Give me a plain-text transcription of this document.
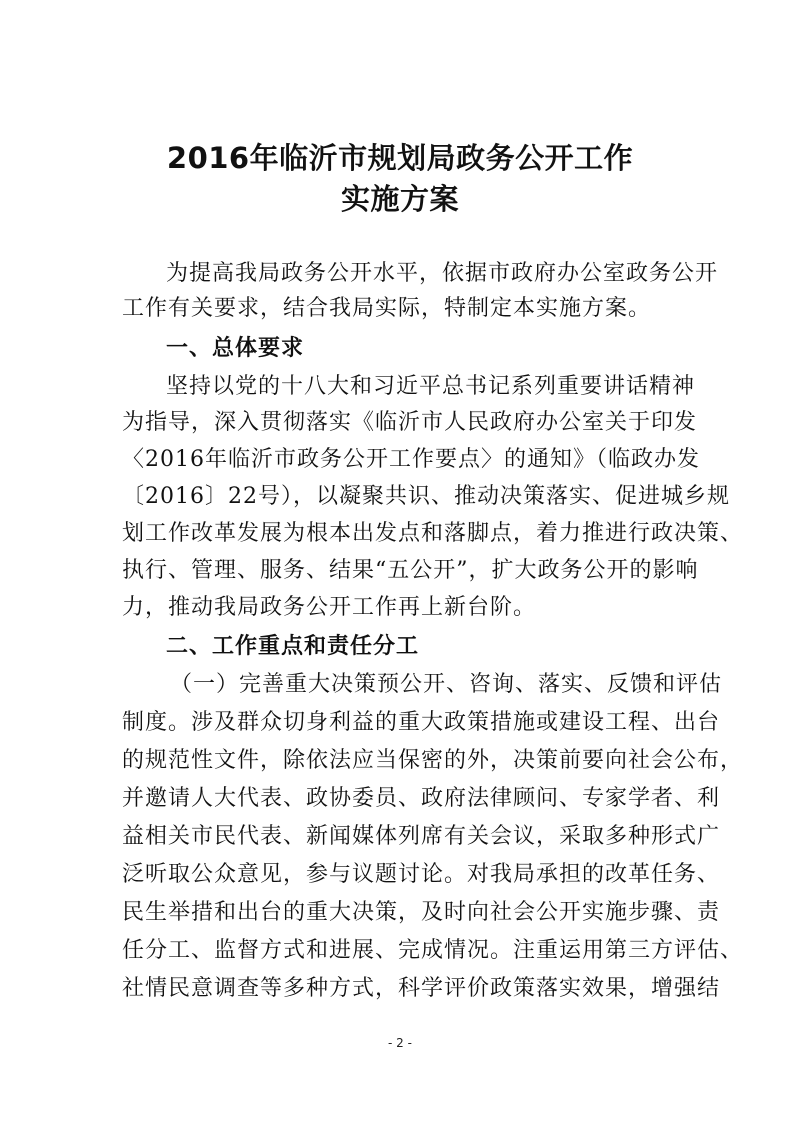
2016年临沂市规划局政务公开工作
实施方案
为提高我局政务公开水平，依据市政府办公室政务公开
工作有关要求，结合我局实际，特制定本实施方案。
一、总体要求
坚持以党的十八大和习近平总书记系列重要讲话精神
为指导，深入贯彻落实《临沂市人民政府办公室关于印发
〈2016年临沂市政务公开工作要点〉的通知》（临政办发
〔2016〕22号），以凝聚共识、推动决策落实、促进城乡规
划工作改革发展为根本出发点和落脚点，着力推进行政决策、
执行、管理、服务、结果“五公开”，扩大政务公开的影响
力，推动我局政务公开工作再上新台阶。
二、工作重点和责任分工
（一）完善重大决策预公开、咨询、落实、反馈和评估
制度。涉及群众切身利益的重大政策措施或建设工程、出台
的规范性文件，除依法应当保密的外，决策前要向社会公布，
并邀请人大代表、政协委员、政府法律顾问、专家学者、利
益相关市民代表、新闻媒体列席有关会议，采取多种形式广
泛听取公众意见，参与议题讨论。对我局承担的改革任务、
民生举措和出台的重大决策，及时向社会公开实施步骤、责
任分工、监督方式和进展、完成情况。注重运用第三方评估、
社情民意调查等多种方式，科学评价政策落实效果，增强结
- 2 -
